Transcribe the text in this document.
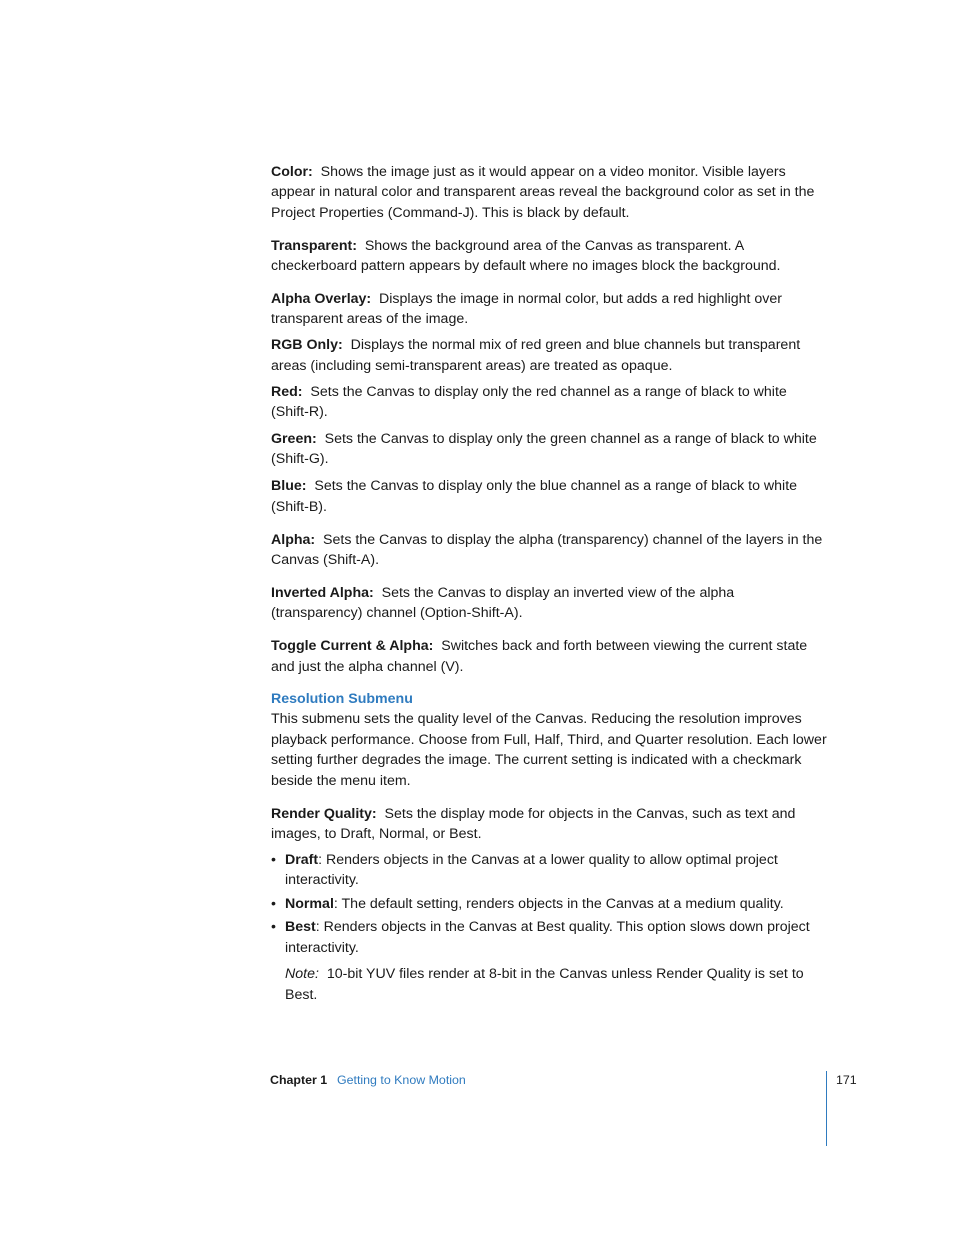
Color: Shows the image just as it would appear on a video monitor. Visible layers appear in natural color and transparent areas reveal the background color as set in the Project Properties (Command-J). This is black by default.

Transparent: Shows the background area of the Canvas as transparent. A checkerboard pattern appears by default where no images block the background.

Alpha Overlay: Displays the image in normal color, but adds a red highlight over transparent areas of the image.

RGB Only: Displays the normal mix of red green and blue channels but transparent areas (including semi-transparent areas) are treated as opaque.

Red: Sets the Canvas to display only the red channel as a range of black to white (Shift-R).

Green: Sets the Canvas to display only the green channel as a range of black to white (Shift-G).

Blue: Sets the Canvas to display only the blue channel as a range of black to white (Shift-B).

Alpha: Sets the Canvas to display the alpha (transparency) channel of the layers in the Canvas (Shift-A).

Inverted Alpha: Sets the Canvas to display an inverted view of the alpha (transparency) channel (Option-Shift-A).

Toggle Current & Alpha: Switches back and forth between viewing the current state and just the alpha channel (V).

Resolution Submenu

This submenu sets the quality level of the Canvas. Reducing the resolution improves playback performance. Choose from Full, Half, Third, and Quarter resolution. Each lower setting further degrades the image. The current setting is indicated with a checkmark beside the menu item.

Render Quality: Sets the display mode for objects in the Canvas, such as text and images, to Draft, Normal, or Best.

• Draft: Renders objects in the Canvas at a lower quality to allow optimal project interactivity.
• Normal: The default setting, renders objects in the Canvas at a medium quality.
• Best: Renders objects in the Canvas at Best quality. This option slows down project interactivity.

Note: 10-bit YUV files render at 8-bit in the Canvas unless Render Quality is set to Best.

Chapter 1 Getting to Know Motion	171
